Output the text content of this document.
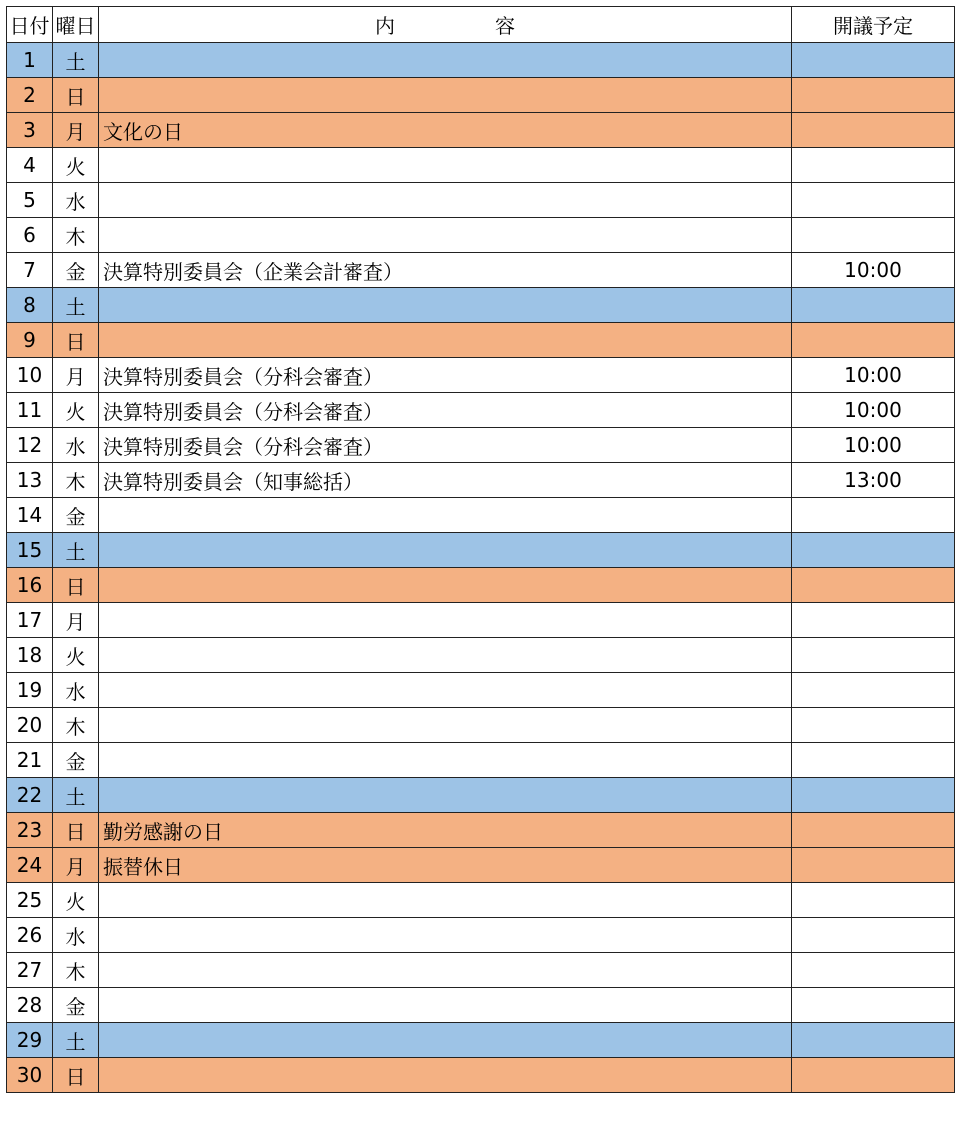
日付	曜日	内 容	開議予定
1	土		
2	日		
3	月	文化の日	
4	火		
5	水		
6	木		
7	金	決算特別委員会（企業会計審査）	10:00
8	土		
9	日		
10	月	決算特別委員会（分科会審査）	10:00
11	火	決算特別委員会（分科会審査）	10:00
12	水	決算特別委員会（分科会審査）	10:00
13	木	決算特別委員会（知事総括）	13:00
14	金		
15	土		
16	日		
17	月		
18	火		
19	水		
20	木		
21	金		
22	土		
23	日	勤労感謝の日	
24	月	振替休日	
25	火		
26	水		
27	木		
28	金		
29	土		
30	日		
